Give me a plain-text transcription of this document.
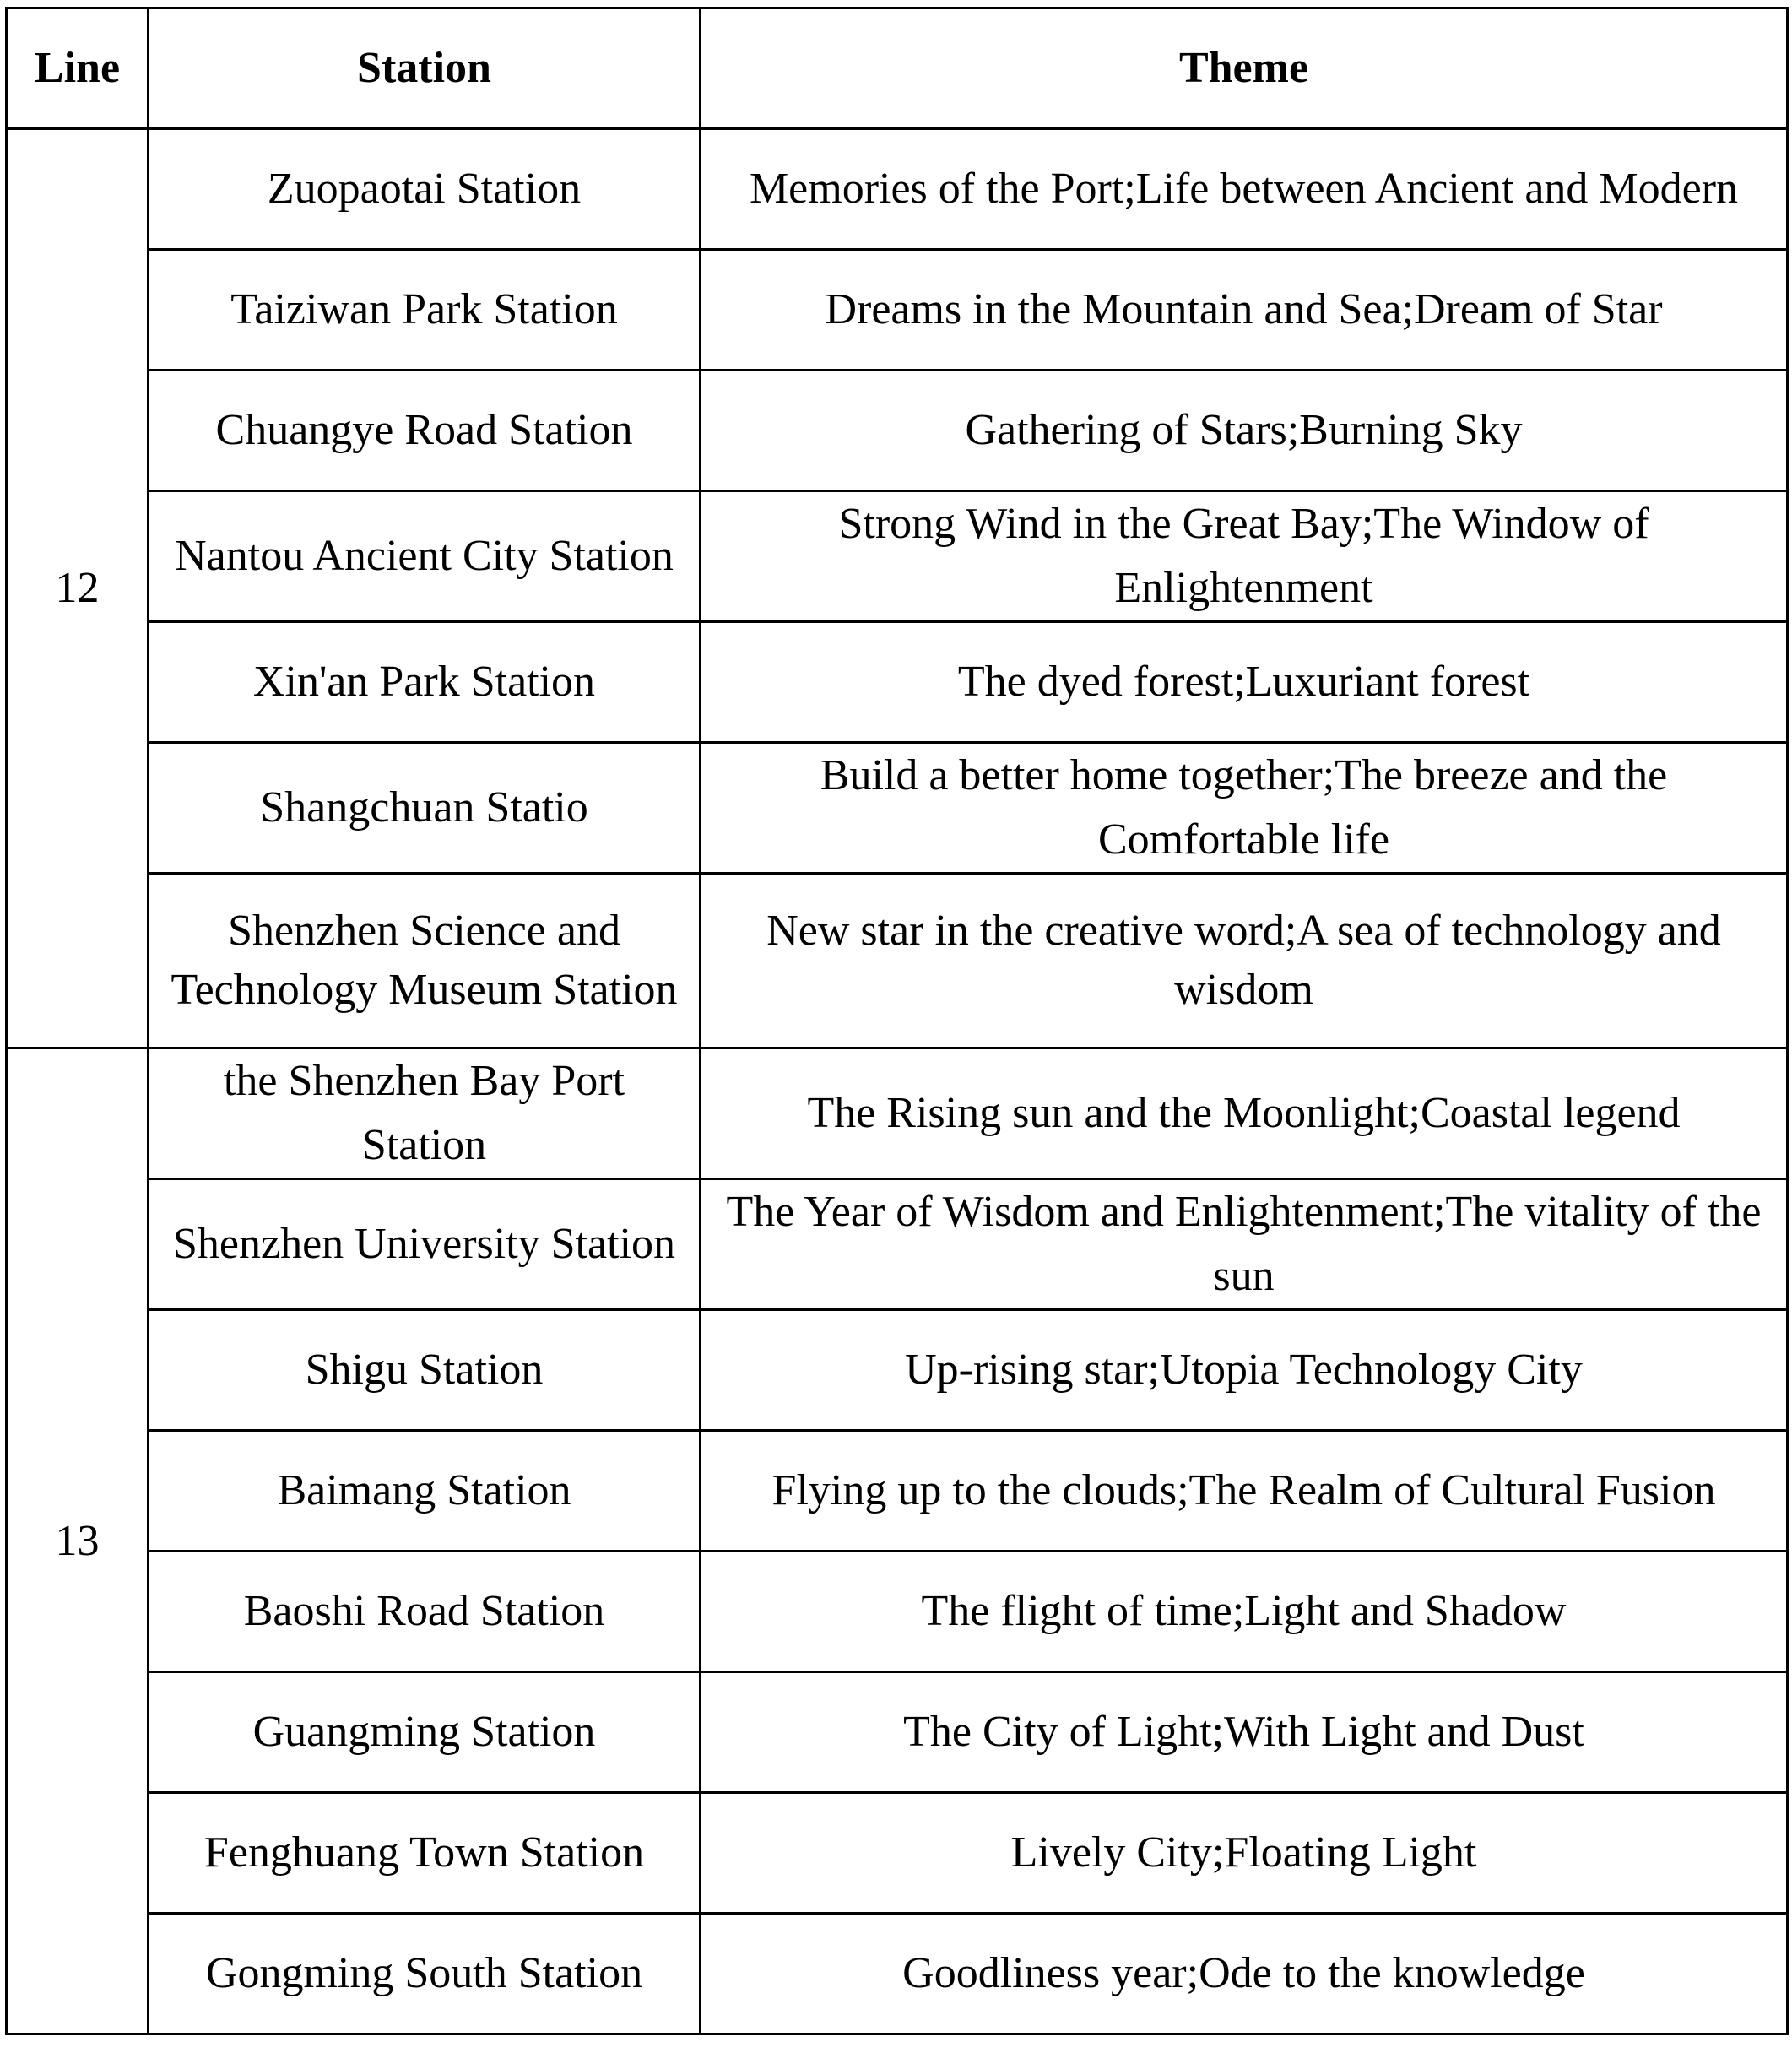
Line	Station	Theme
12	Zuopaotai Station	Memories of the Port;Life between Ancient and Modern
	Taiziwan Park Station	Dreams in the Mountain and Sea;Dream of Star
	Chuangye Road Station	Gathering of Stars;Burning Sky
	Nantou Ancient City Station	Strong Wind in the Great Bay;The Window of Enlightenment
	Xin'an Park Station	The dyed forest;Luxuriant forest
	Shangchuan Statio	Build a better home together;The breeze and the Comfortable life
	Shenzhen Science and Technology Museum Station	New star in the creative word;A sea of technology and wisdom
13	the Shenzhen Bay Port Station	The Rising sun and the Moonlight;Coastal legend
	Shenzhen University Station	The Year of Wisdom and Enlightenment;The vitality of the sun
	Shigu Station	Up-rising star;Utopia Technology City
	Baimang Station	Flying up to the clouds;The Realm of Cultural Fusion
	Baoshi Road Station	The flight of time;Light and Shadow
	Guangming Station	The City of Light;With Light and Dust
	Fenghuang Town Station	Lively City;Floating Light
	Gongming South Station	Goodliness year;Ode to the knowledge
